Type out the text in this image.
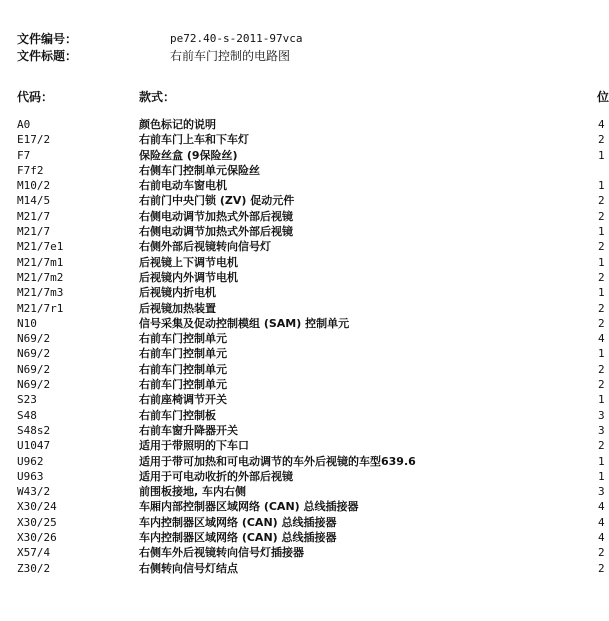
文件编号：	pe72.40-s-2011-97vca
文件标题：	右前车门控制的电路图
代码：	款式：	位
A0	颜色标记的说明	4
E17/2	右前车门上车和下车灯	2
F7	保险丝盒 (9保险丝)	1
F7f2	右侧车门控制单元保险丝
M10/2	右前电动车窗电机	1
M14/5	右前门中央门锁 (ZV) 促动元件	2
M21/7	右侧电动调节加热式外部后视镜	2
M21/7	右侧电动调节加热式外部后视镜	1
M21/7e1	右侧外部后视镜转向信号灯	2
M21/7m1	后视镜上下调节电机	1
M21/7m2	后视镜内外调节电机	2
M21/7m3	后视镜内折电机	1
M21/7r1	后视镜加热装置	2
N10	信号采集及促动控制模组 (SAM) 控制单元	2
N69/2	右前车门控制单元	4
N69/2	右前车门控制单元	1
N69/2	右前车门控制单元	2
N69/2	右前车门控制单元	2
S23	右前座椅调节开关	1
S48	右前车门控制板	3
S48s2	右前车窗升降器开关	3
U1047	适用于带照明的下车口	2
U962	适用于带可加热和可电动调节的车外后视镜的车型639.6	1
U963	适用于可电动收折的外部后视镜	1
W43/2	前围板接地, 车内右侧	3
X30/24	车厢内部控制器区域网络 (CAN) 总线插接器	4
X30/25	车内控制器区域网络 (CAN) 总线插接器	4
X30/26	车内控制器区域网络 (CAN) 总线插接器	4
X57/4	右侧车外后视镜转向信号灯插接器	2
Z30/2	右侧转向信号灯结点	2
